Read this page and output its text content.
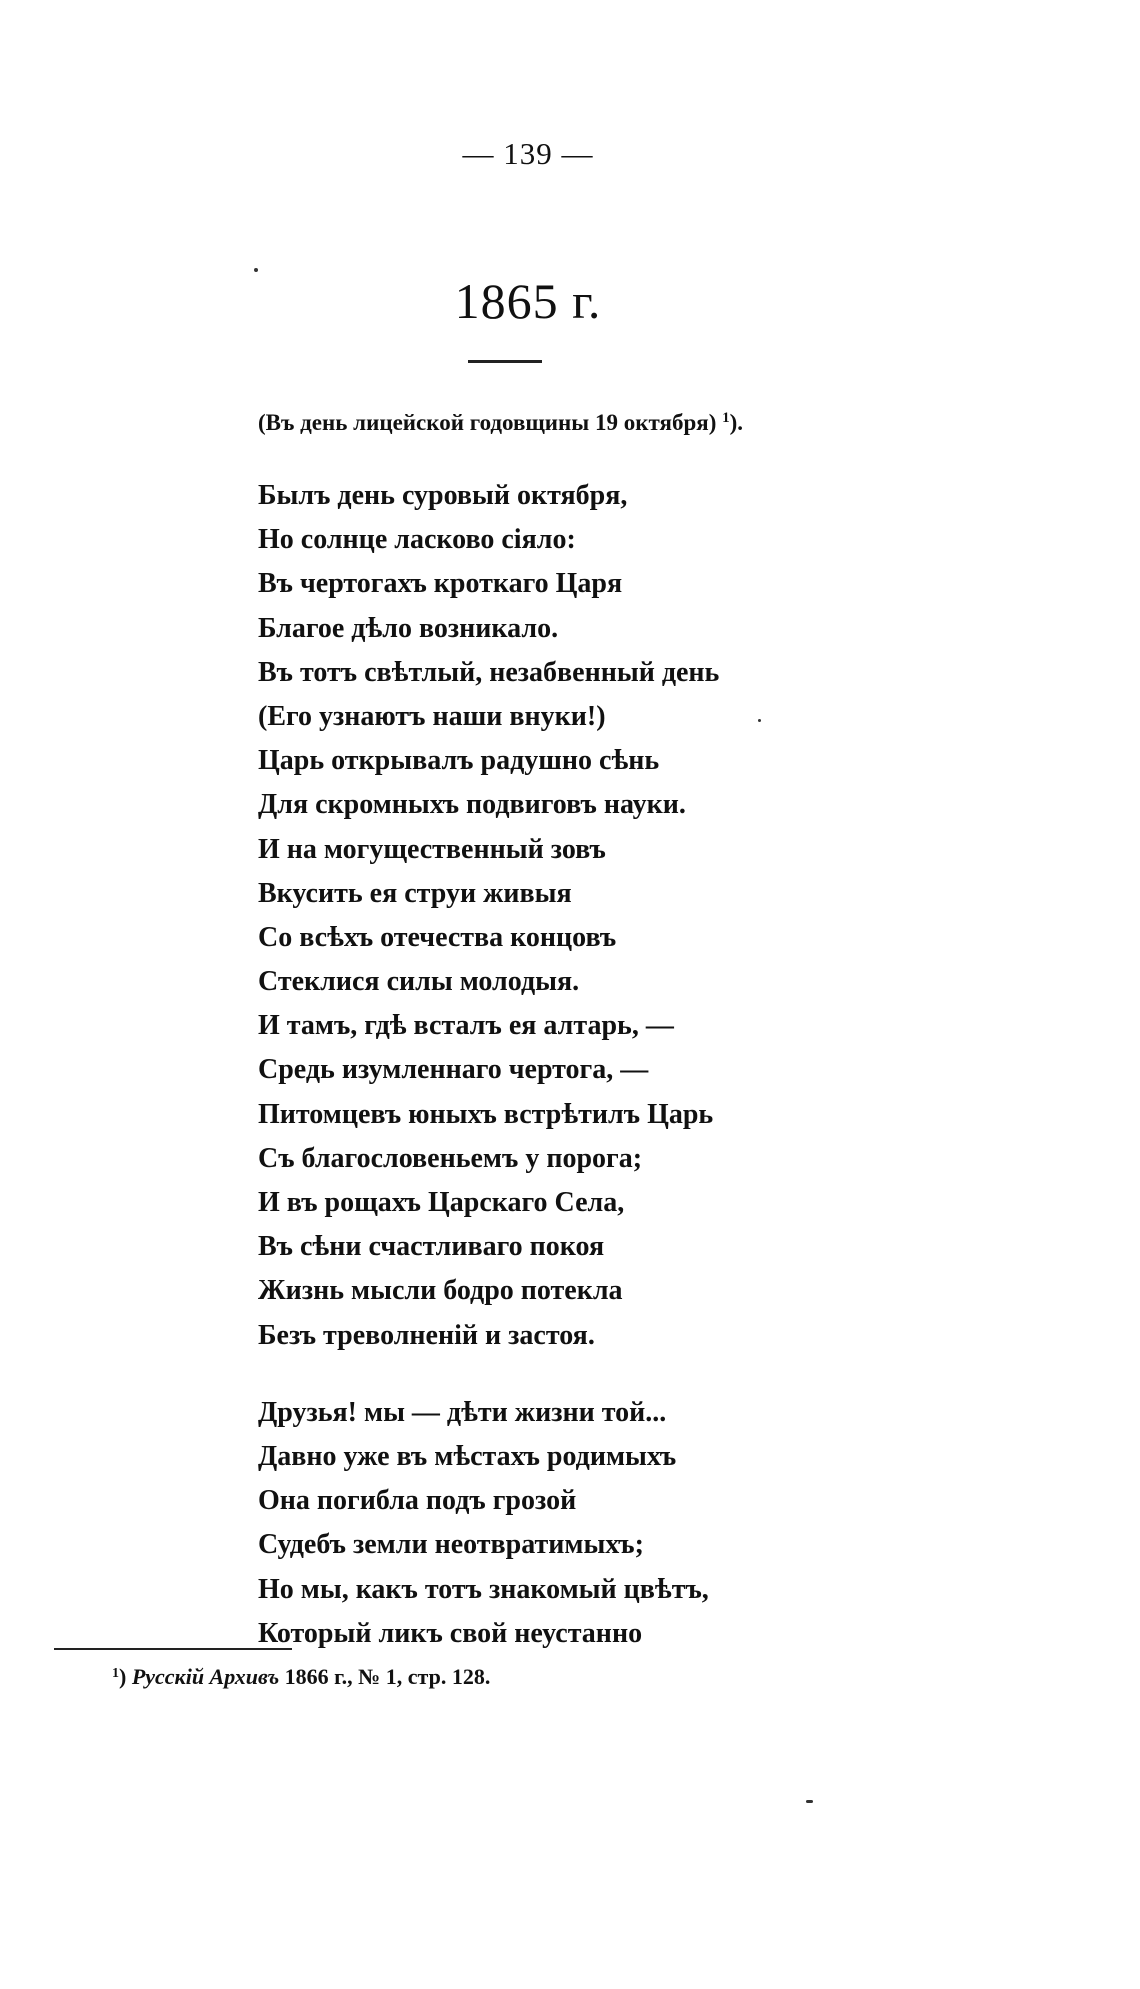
— 139 —
1865 г.
(Въ день лицейской годовщины 19 октября) $^1$).
Былъ день суровый октября,
Но солнце ласково сіяло:
Въ чертогахъ кроткаго Царя
Благое дѣло возникало.
Въ тотъ свѣтлый, незабвенный день
(Его узнаютъ наши внуки!)
Царь открывалъ радушно сѣнь
Для скромныхъ подвиговъ науки.
И на могущественный зовъ
Вкусить ея струи живыя
Со всѣхъ отечества концовъ
Стеклися силы молодыя.
И тамъ, гдѣ всталъ ея алтарь, —
Средь изумленнаго чертога, —
Питомцевъ юныхъ встрѣтилъ Царь
Съ благословеньемъ у порога;
И въ рощахъ Царскаго Села,
Въ сѣни счастливаго покоя
Жизнь мысли бодро потекла
Безъ треволненій и застоя.
Друзья! мы — дѣти жизни той...
Давно уже въ мѣстахъ родимыхъ
Она погибла подъ грозой
Судебъ земли неотвратимыхъ;
Но мы, какъ тотъ знакомый цвѣтъ,
Который ликъ свой неустанно
$^1$) Русскій Архивъ 1866 г., № 1, стр. 128.
